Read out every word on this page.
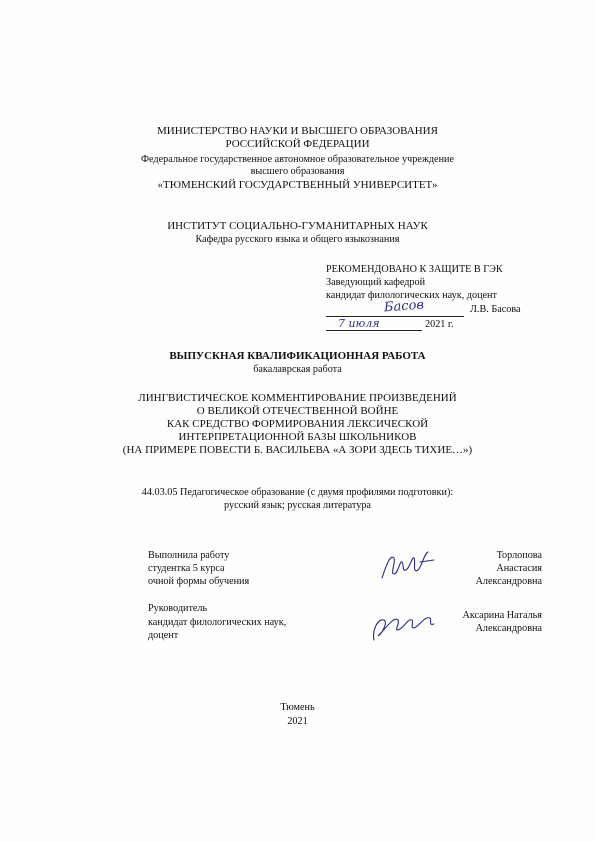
МИНИСТЕРСТВО НАУКИ И ВЫСШЕГО ОБРАЗОВАНИЯ
РОССИЙСКОЙ ФЕДЕРАЦИИ
Федеральное государственное автономное образовательное учреждение
высшего образования
«ТЮМЕНСКИЙ ГОСУДАРСТВЕННЫЙ УНИВЕРСИТЕТ»
ИНСТИТУТ СОЦИАЛЬНО-ГУМАНИТАРНЫХ НАУК
Кафедра русского языка и общего языкознания
РЕКОМЕНДОВАНО К ЗАЩИТЕ В ГЭК
Заведующий кафедрой
кандидат филологических наук, доцент
Басов	Л.В. Басова
7 июля	2021 г.
ВЫПУСКНАЯ КВАЛИФИКАЦИОННАЯ РАБОТА
бакалаврская работа
ЛИНГВИСТИЧЕСКОЕ КОММЕНТИРОВАНИЕ ПРОИЗВЕДЕНИЙ
О ВЕЛИКОЙ ОТЕЧЕСТВЕННОЙ ВОЙНЕ
КАК СРЕДСТВО ФОРМИРОВАНИЯ ЛЕКСИЧЕСКОЙ
ИНТЕРПРЕТАЦИОННОЙ БАЗЫ ШКОЛЬНИКОВ
(НА ПРИМЕРЕ ПОВЕСТИ Б. ВАСИЛЬЕВА «А ЗОРИ ЗДЕСЬ ТИХИЕ…»)
44.03.05 Педагогическое образование (с двумя профилями подготовки):
русский язык; русская литература
Выполнила работу
студентка 5 курса
очной формы обучения
Торлопова
Анастасия
Александровна
Руководитель
кандидат филологических наук,
доцент
Аксарина Наталья
Александровна
Тюмень
2021
